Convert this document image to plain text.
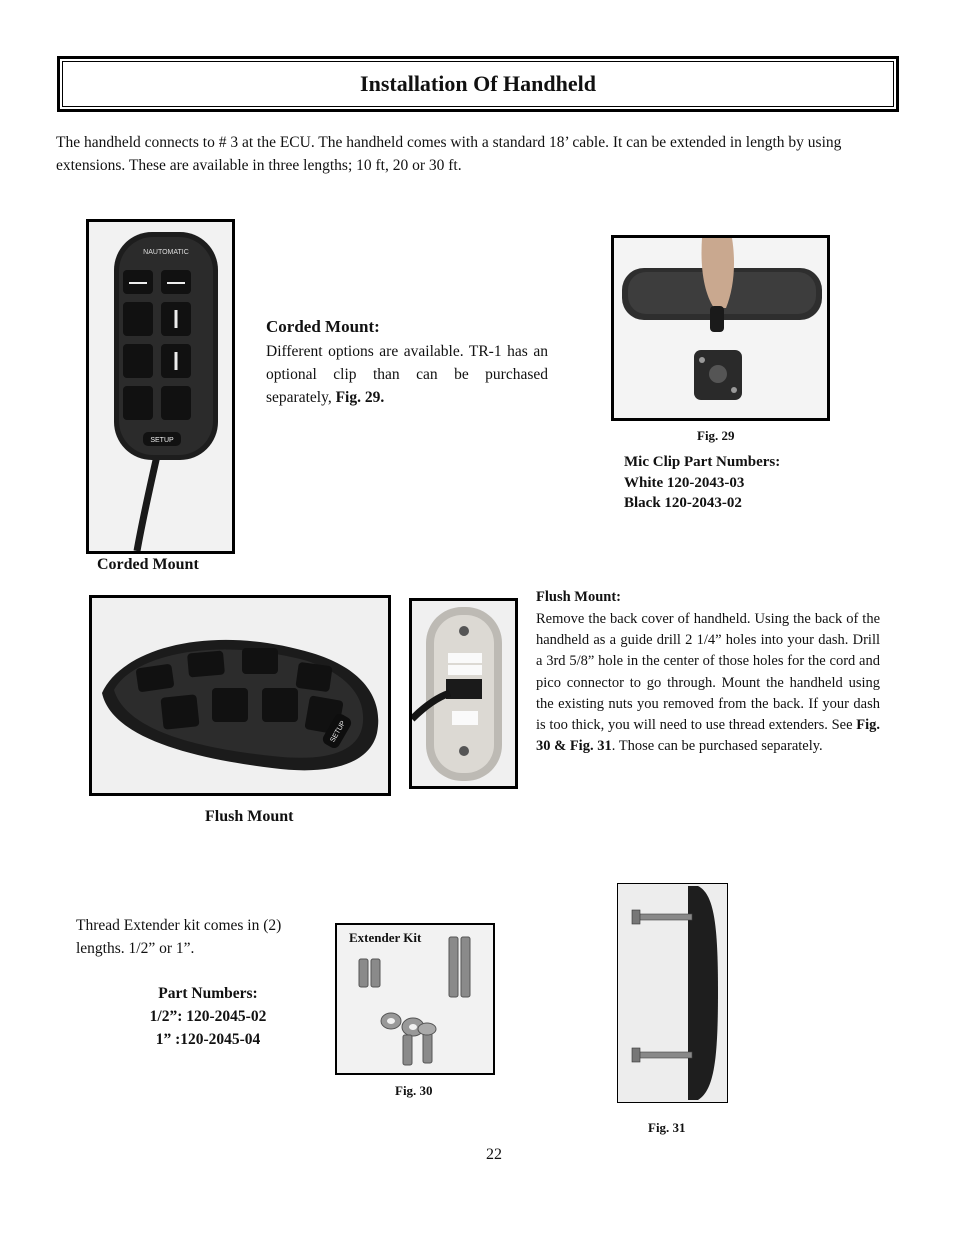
Installation Of Handheld
The handheld connects to # 3 at the ECU. The handheld comes with a standard 18’ cable. It can be extended in length by using extensions. These are available in three lengths; 10 ft, 20 or 30 ft.
NAUTOMATIC
SETUP
Corded Mount
Corded Mount:
Different options are available. TR-1 has an optional clip than can be purchased separately, Fig. 29.
Fig. 29
Mic Clip Part Numbers:
White 120-2043-03
Black 120-2043-02
SETUP
Flush Mount
Flush Mount:
Remove the back cover of handheld. Using the back of the handheld as a guide drill 2 1/4” holes into your dash. Drill a 3rd 5/8” hole in the center of those holes for the cord and pico connector to go through. Mount the handheld using the existing nuts you removed from the back. If your dash is too thick, you will need to use thread extenders. See Fig. 30 & Fig. 31. Those can be purchased separately.
Thread Extender kit comes in (2) lengths. 1/2” or 1”.
Part Numbers:
1/2”: 120-2045-02
1” :120-2045-04
Extender Kit
Fig. 30
Fig. 31
22
